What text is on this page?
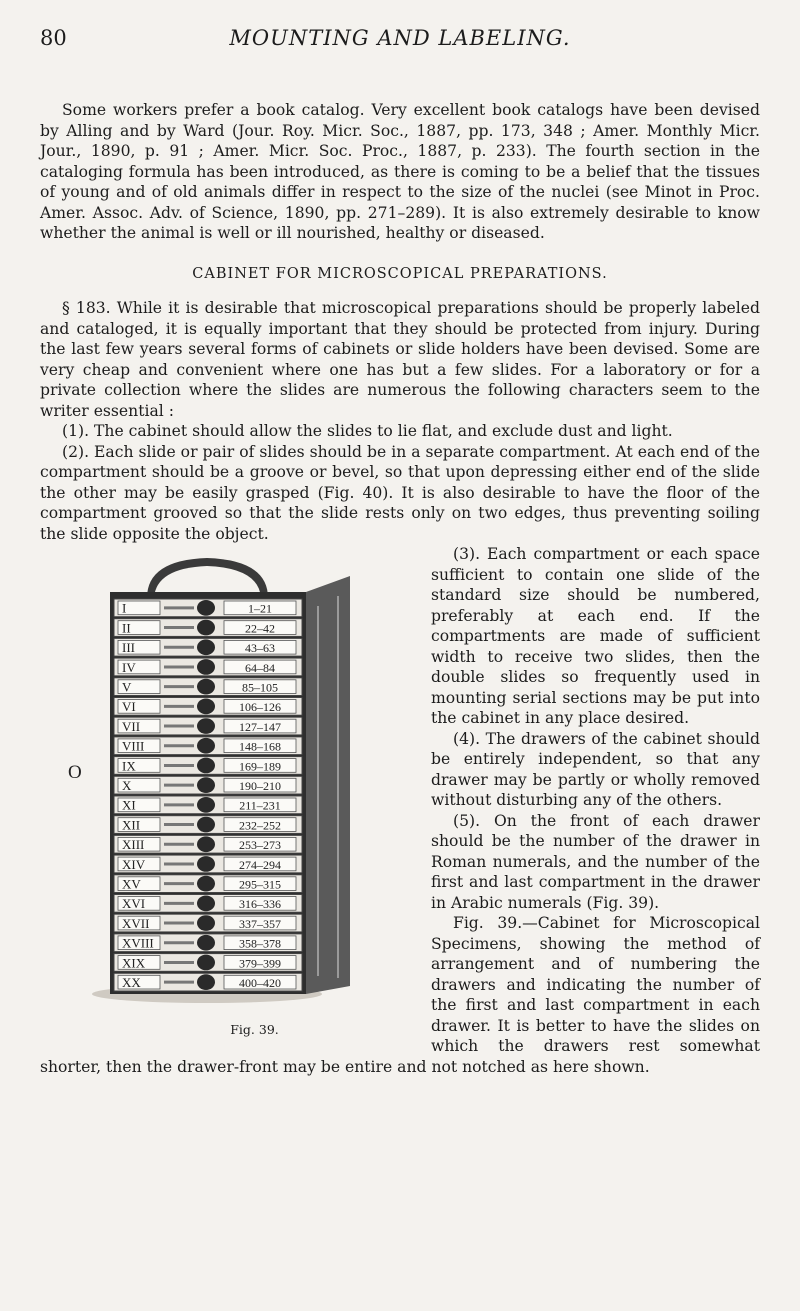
80	MOUNTING AND LABELING.

Some workers prefer a book catalog. Very excellent book catalogs have been devised by Alling and by Ward (Jour. Roy. Micr. Soc., 1887, pp. 173, 348 ; Amer. Monthly Micr. Jour., 1890, p. 91 ; Amer. Micr. Soc. Proc., 1887, p. 233). The fourth section in the cataloging formula has been introduced, as there is coming to be a belief that the tissues of young and of old animals differ in respect to the size of the nuclei (see Minot in Proc. Amer. Assoc. Adv. of Science, 1890, pp. 271–289). It is also extremely desirable to know whether the animal is well or ill nourished, healthy or diseased.

CABINET FOR MICROSCOPICAL PREPARATIONS.

§ 183. While it is desirable that microscopical preparations should be properly labeled and cataloged, it is equally important that they should be protected from injury. During the last few years several forms of cabinets or slide holders have been devised. Some are very cheap and convenient where one has but a few slides. For a laboratory or for a private collection where the slides are numerous the following characters seem to the writer essential :

(1). The cabinet should allow the slides to lie flat, and exclude dust and light.

(2). Each slide or pair of slides should be in a separate compartment. At each end of the compartment should be a groove or bevel, so that upon depressing either end of the slide the other may be easily grasped (Fig. 40). It is also desirable to have the floor of the compartment grooved so that the slide rests only on two edges, thus preventing soiling the slide opposite the object.

I	1–21
II	22–42
III	43–63
IV	64–84
V	85–105
VI	106–126
VII	127–147
VIII	148–168
IX	169–189
X	190–210
XI	211–231
XII	232–252
XIII	253–273
XIV	274–294
XV	295–315
XVI	316–336
XVII	337–357
XVIII	358–378
XIX	379–399
XX	400–420
O
Fig. 39.

(3). Each compartment or each space sufficient to contain one slide of the standard size should be numbered, preferably at each end. If the compartments are made of sufficient width to receive two slides, then the double slides so frequently used in mounting serial sections may be put into the cabinet in any place desired.

(4). The drawers of the cabinet should be entirely independent, so that any drawer may be partly or wholly removed without disturbing any of the others.

(5). On the front of each drawer should be the number of the drawer in Roman numerals, and the number of the first and last compartment in the drawer in Arabic numerals (Fig. 39).

Fig. 39.—Cabinet for Microscopical Specimens, showing the method of arrangement and of numbering the drawers and indicating the number of the first and last compartment in each drawer. It is better to have the slides on which the drawers rest somewhat shorter, then the drawer-front may be entire and not notched as here shown.
